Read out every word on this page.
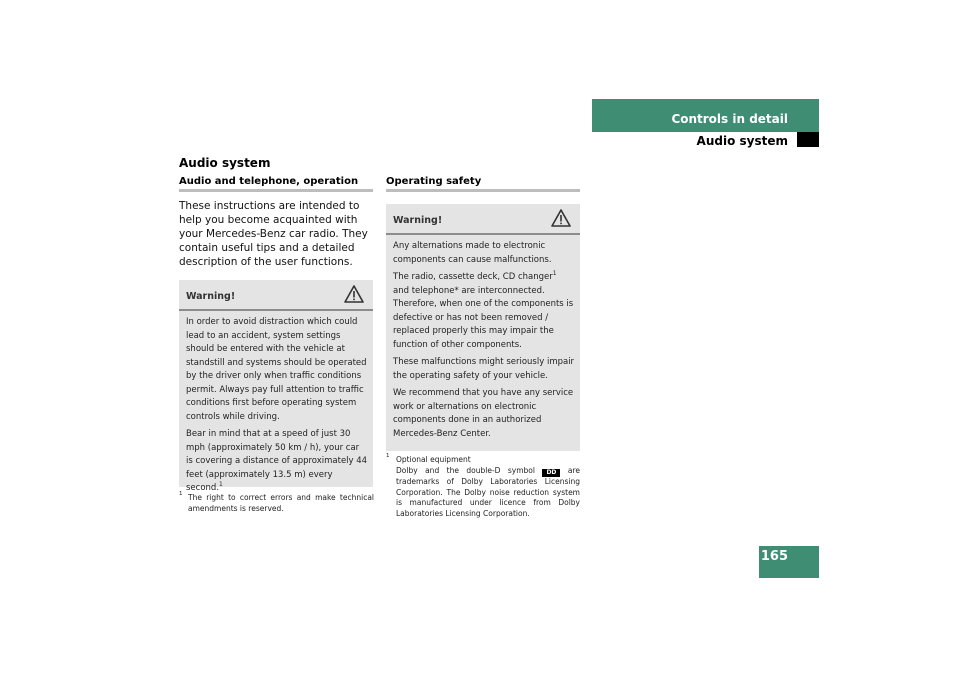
Controls in detail
Audio system
165
Audio system
Audio and telephone, operation
These instructions are intended to help you become acquainted with your Mercedes-Benz car radio. They contain useful tips and a detailed description of the user functions.
Warning!

In order to avoid distraction which could lead to an accident, system settings should be entered with the vehicle at standstill and systems should be operated by the driver only when traffic conditions permit. Always pay full attention to traffic conditions first before operating system controls while driving.

Bear in mind that at a speed of just 30 mph (approximately 50 km / h), your car is covering a distance of approximately 44 feet (approximately 13.5 m) every second.$^1$

1 The right to correct errors and make technical amendments is reserved.
Operating safety
Warning!

Any alternations made to electronic components can cause malfunctions.

The radio, cassette deck, CD changer$^1$ and telephone* are interconnected. Therefore, when one of the components is defective or has not been removed / replaced properly this may impair the function of other components.

These malfunctions might seriously impair the operating safety of your vehicle.

We recommend that you have any service work or alternations on electronic components done in an authorized Mercedes-Benz Center.

1 Optional equipment
Dolby and the double-D symbol DD are trademarks of Dolby Laboratories Licensing Corporation. The Dolby noise reduction system is manufactured under licence from Dolby Laboratories Licensing Corporation.
